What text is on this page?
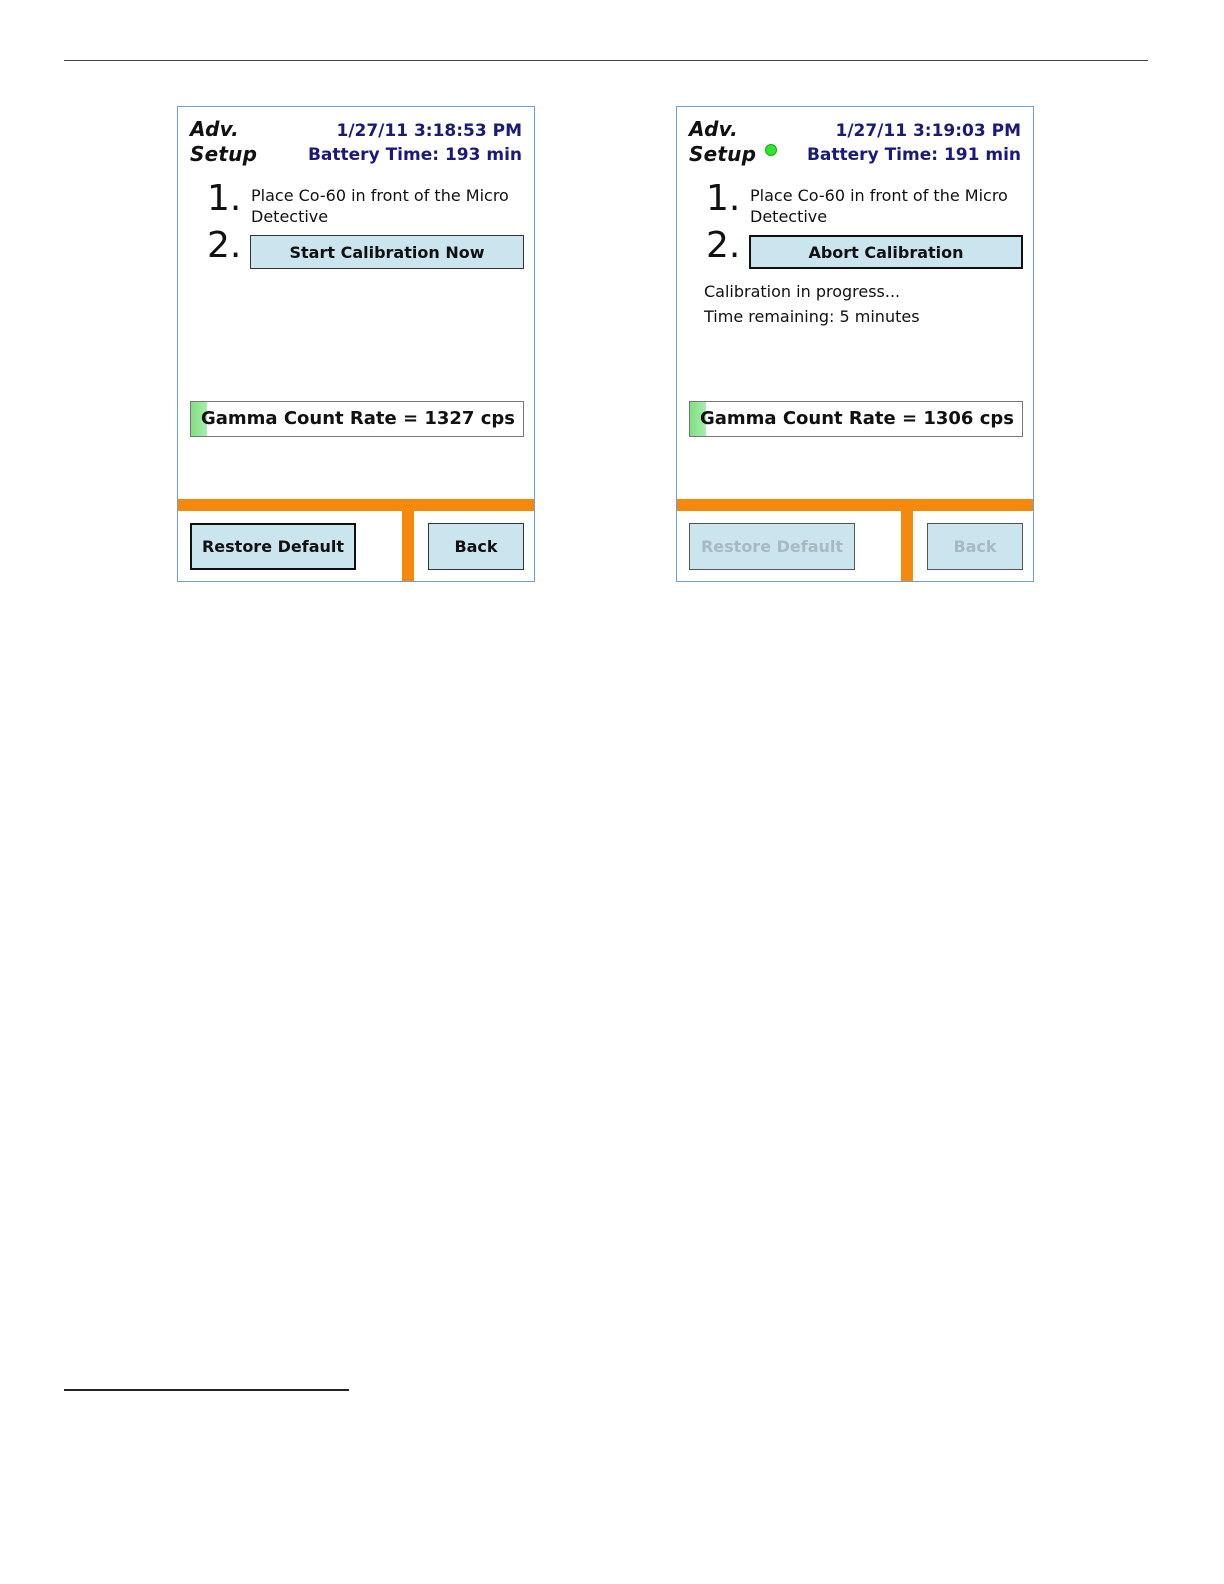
Adv.
Setup
1/27/11 3:18:53 PM
Battery Time: 193 min
1. Place Co-60 in front of the Micro Detective
2.	Start Calibration Now
Gamma Count Rate = 1327 cps
Restore Default	Back
Adv.
Setup
1/27/11 3:19:03 PM
Battery Time: 191 min
1. Place Co-60 in front of the Micro Detective
2.	Abort Calibration
Calibration in progress...
Time remaining: 5 minutes
Gamma Count Rate = 1306 cps
Restore Default	Back
